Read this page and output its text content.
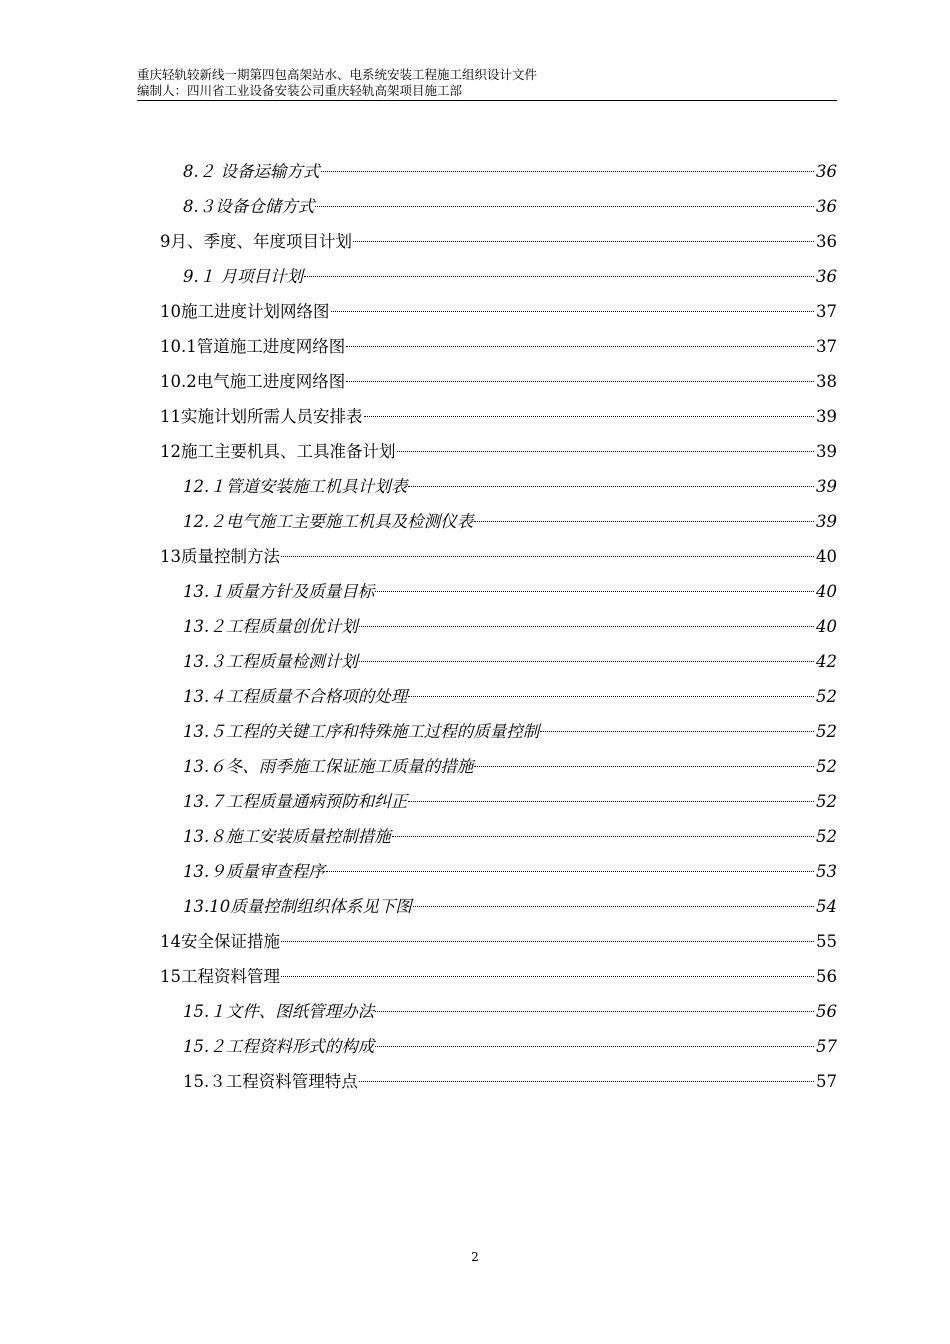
重庆轻轨较新线一期第四包高架站水、电系统安装工程施工组织设计文件
编制人：四川省工业设备安装公司重庆轻轨高架项目施工部
8.２ 设备运输方式	36
8.３设备仓储方式	36
9月、季度、年度项目计划	36
9.１ 月项目计划	36
10施工进度计划网络图	37
10.1管道施工进度网络图	37
10.2电气施工进度网络图	38
11实施计划所需人员安排表	39
12施工主要机具、工具准备计划	39
12.１管道安装施工机具计划表	39
12.２电气施工主要施工机具及检测仪表	39
13质量控制方法	40
13.１质量方针及质量目标	40
13.２工程质量创优计划	40
13.３工程质量检测计划	42
13.４工程质量不合格项的处理	52
13.５工程的关键工序和特殊施工过程的质量控制	52
13.６冬、雨季施工保证施工质量的措施	52
13.７工程质量通病预防和纠正	52
13.８施工安装质量控制措施	52
13.９质量审查程序	53
13.10质量控制组织体系见下图	54
14安全保证措施	55
15工程资料管理	56
15.１文件、图纸管理办法	56
15.２工程资料形式的构成	57
15.３工程资料管理特点	57
2
